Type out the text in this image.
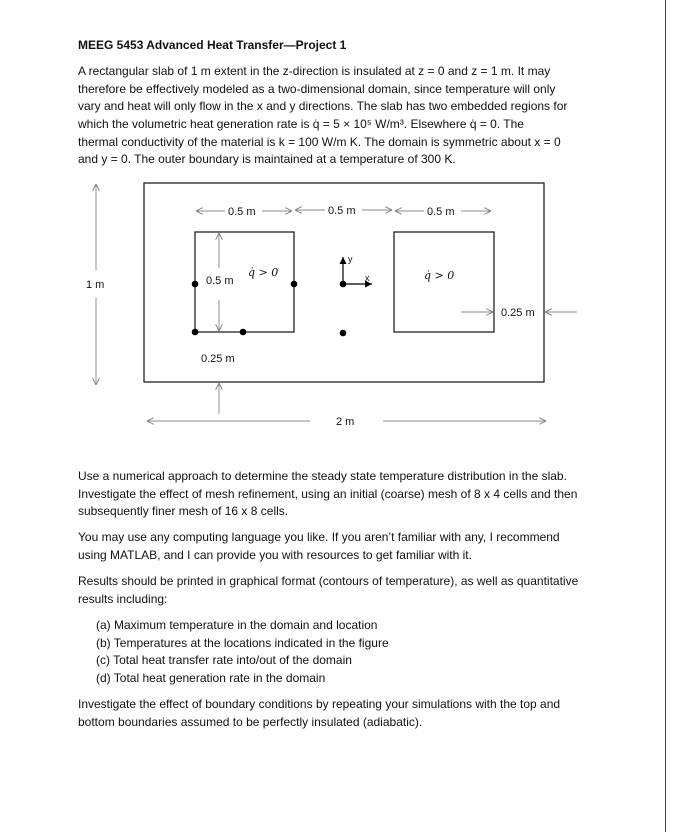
MEEG 5453 Advanced Heat Transfer—Project 1
A rectangular slab of 1 m extent in the z-direction is insulated at z = 0 and z = 1 m. It may
therefore be effectively modeled as a two-dimensional domain, since temperature will only
vary and heat will only flow in the x and y directions. The slab has two embedded regions for
which the volumetric heat generation rate is q̇ = 5 × 10⁵ W/m³. Elsewhere q̇ = 0. The
thermal conductivity of the material is k = 100 W/m K. The domain is symmetric about x = 0
and y = 0. The outer boundary is maintained at a temperature of 300 K.
0.5 m	0.5 m	0.5 m
1 m	0.5 m
0.25 m
0.25 m
2 m
q̇ > 0	q̇ > 0
x
y
Use a numerical approach to determine the steady state temperature distribution in the slab.
Investigate the effect of mesh refinement, using an initial (coarse) mesh of 8 x 4 cells and then
subsequently finer mesh of 16 x 8 cells.
You may use any computing language you like. If you aren’t familiar with any, I recommend
using MATLAB, and I can provide you with resources to get familiar with it.
Results should be printed in graphical format (contours of temperature), as well as quantitative
results including:
(a) Maximum temperature in the domain and location
(b) Temperatures at the locations indicated in the figure
(c) Total heat transfer rate into/out of the domain
(d) Total heat generation rate in the domain
Investigate the effect of boundary conditions by repeating your simulations with the top and
bottom boundaries assumed to be perfectly insulated (adiabatic).
